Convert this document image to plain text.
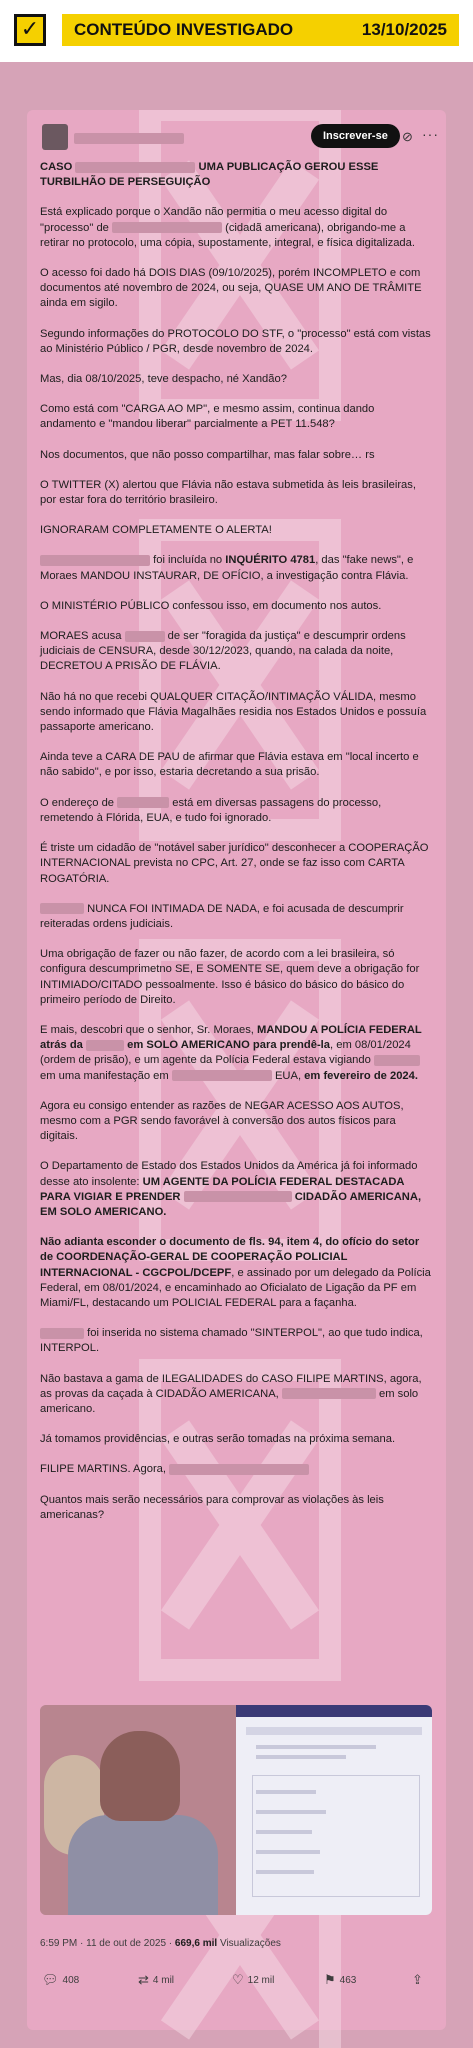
✓	CONTEÚDO INVESTIGADO	13/10/2025
Inscrever-se	⊘ ···

CASO	UMA PUBLICAÇÃO GEROU ESSE TURBILHÃO DE PERSEGUIÇÃO

Está explicado porque o Xandão não permitia o meu acesso digital do "processo" de	(cidadã americana), obrigando-me a retirar no protocolo, uma cópia, supostamente, integral, e física digitalizada.

O acesso foi dado há DOIS DIAS (09/10/2025), porém INCOMPLETO e com documentos até novembro de 2024, ou seja, QUASE UM ANO DE TRÂMITE ainda em sigilo.

Segundo informações do PROTOCOLO DO STF, o "processo" está com vistas ao Ministério Público / PGR, desde novembro de 2024.

Mas, dia 08/10/2025, teve despacho, né Xandão?

Como está com "CARGA AO MP", e mesmo assim, continua dando andamento e "mandou liberar" parcialmente a PET 11.548?

Nos documentos, que não posso compartilhar, mas falar sobre… rs

O TWITTER (X) alertou que Flávia não estava submetida às leis brasileiras, por estar fora do território brasileiro.

IGNORARAM COMPLETAMENTE O ALERTA!

foi incluída no INQUÉRITO 4781, das "fake news", e Moraes MANDOU INSTAURAR, DE OFÍCIO, a investigação contra Flávia.

O MINISTÉRIO PÚBLICO confessou isso, em documento nos autos.

MORAES acusa	de ser "foragida da justiça" e descumprir ordens judiciais de CENSURA, desde 30/12/2023, quando, na calada da noite, DECRETOU A PRISÃO DE FLÁVIA.

Não há no que recebi QUALQUER CITAÇÃO/INTIMAÇÃO VÁLIDA, mesmo sendo informado que Flávia Magalhães residia nos Estados Unidos e possuía passaporte americano.

Ainda teve a CARA DE PAU de afirmar que Flávia estava em "local incerto e não sabido", e por isso, estaria decretando a sua prisão.

O endereço de	está em diversas passagens do processo, remetendo à Flórida, EUA, e tudo foi ignorado.

É triste um cidadão de "notável saber jurídico" desconhecer a COOPERAÇÃO INTERNACIONAL prevista no CPC, Art. 27, onde se faz isso com CARTA ROGATÓRIA.

NUNCA FOI INTIMADA DE NADA, e foi acusada de descumprir reiteradas ordens judiciais.

Uma obrigação de fazer ou não fazer, de acordo com a lei brasileira, só configura descumprimetno SE, E SOMENTE SE, quem deve a obrigação for INTIMIADO/CITADO pessoalmente. Isso é básico do básico do básico do primeiro período de Direito.

E mais, descobri que o senhor, Sr. Moraes, MANDOU A POLÍCIA FEDERAL atrás da	em SOLO AMERICANO para prendê-la, em 08/01/2024 (ordem de prisão), e um agente da Polícia Federal estava vigiando  em uma manifestação em	EUA, em fevereiro de 2024.

Agora eu consigo entender as razões de NEGAR ACESSO AOS AUTOS, mesmo com a PGR sendo favorável à conversão dos autos físicos para digitais.

O Departamento de Estado dos Estados Unidos da América já foi informado desse ato insolente: UM AGENTE DA POLÍCIA FEDERAL DESTACADA PARA VIGIAR E PRENDER	CIDADÃO AMERICANA, EM SOLO AMERICANO.

Não adianta esconder o documento de fls. 94, item 4, do ofício do setor de COORDENAÇÃO-GERAL DE COOPERAÇÃO POLICIAL INTERNACIONAL - CGCPOL/DCEPF, e assinado por um delegado da Polícia Federal, em 08/01/2024, e encaminhado ao Oficialato de Ligação da PF em Miami/FL, destacando um POLICIAL FEDERAL para a façanha.

foi inserida no sistema chamado "SINTERPOL", ao que tudo indica, INTERPOL.

Não bastava a gama de ILEGALIDADES do CASO FILIPE MARTINS, agora, as provas da caçada à CIDADÃO AMERICANA,	em solo americano.

Já tomamos providências, e outras serão tomadas na próxima semana.

FILIPE MARTINS. Agora,

Quantos mais serão necessários para comprovar as violações às leis americanas?

6:59 PM · 11 de out de 2025 · 669,6 mil Visualizações
💬︎ 408	⇄ 4 mil	♡ 12 mil	⚑ 463	⇪
